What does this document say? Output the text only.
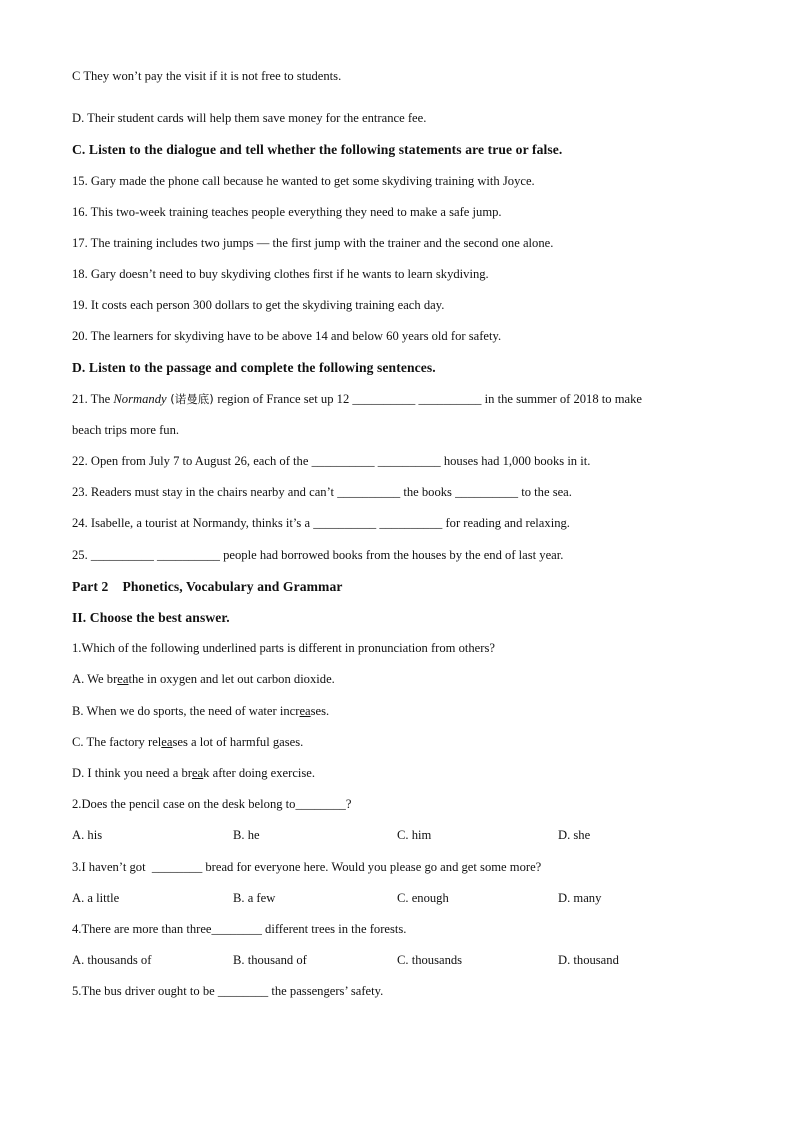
C They won’t pay the visit if it is not free to students.
D. Their student cards will help them save money for the entrance fee.
C. Listen to the dialogue and tell whether the following statements are true or false.
15. Gary made the phone call because he wanted to get some skydiving training with Joyce.
16. This two-week training teaches people everything they need to make a safe jump.
17. The training includes two jumps — the first jump with the trainer and the second one alone.
18. Gary doesn’t need to buy skydiving clothes first if he wants to learn skydiving.
19. It costs each person 300 dollars to get the skydiving training each day.
20. The learners for skydiving have to be above 14 and below 60 years old for safety.
D. Listen to the passage and complete the following sentences.
21. The Normandy (诺曼底) region of France set up 12 __________ __________ in the summer of 2018 to make
beach trips more fun.
22. Open from July 7 to August 26, each of the __________ __________ houses had 1,000 books in it.
23. Readers must stay in the chairs nearby and can’t __________ the books __________ to the sea.
24. Isabelle, a tourist at Normandy, thinks it’s a __________ __________ for reading and relaxing.
25. __________ __________ people had borrowed books from the houses by the end of last year.
Part 2    Phonetics, Vocabulary and Grammar
II. Choose the best answer.
1.Which of the following underlined parts is different in pronunciation from others?
A. We breathe in oxygen and let out carbon dioxide.
B. When we do sports, the need of water increases.
C. The factory releases a lot of harmful gases.
D. I think you need a break after doing exercise.
2.Does the pencil case on the desk belong to________?
A. his	B. he	C. him	D. she
3.I haven’t got  ________ bread for everyone here. Would you please go and get some more?
A. a little	B. a few	C. enough	D. many
4.There are more than three________ different trees in the forests.
A. thousands of	B. thousand of	C. thousands	D. thousand
5.The bus driver ought to be ________ the passengers’ safety.
